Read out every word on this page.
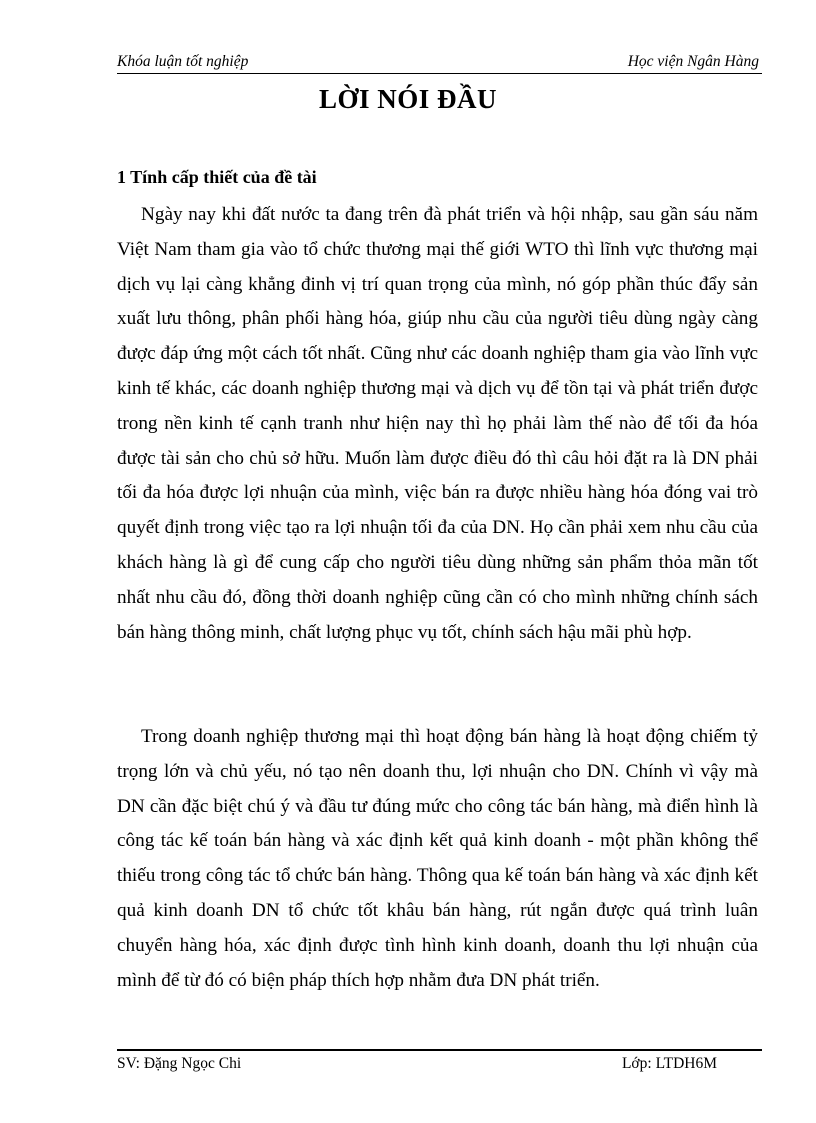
Khóa luận tốt nghiệp	Học viện Ngân Hàng
LỜI NÓI ĐẦU
1 Tính cấp thiết của đề tài

Ngày nay khi đất nước ta đang trên đà phát triển và hội nhập, sau gần sáu năm Việt Nam tham gia vào tổ chức thương mại thế giới WTO thì lĩnh vực thương mại dịch vụ lại càng khẳng đinh vị trí quan trọng của mình, nó góp phần thúc đẩy sản xuất lưu thông, phân phối hàng hóa, giúp nhu cầu của người tiêu dùng ngày càng được đáp ứng một cách tốt nhất. Cũng như các doanh nghiệp tham gia vào lĩnh vực kinh tế khác, các doanh nghiệp thương mại và dịch vụ để tồn tại và phát triển được trong nền kinh tế cạnh tranh như hiện nay thì họ phải làm thế nào để tối đa hóa được tài sản cho chủ sở hữu. Muốn làm được điều đó thì câu hỏi đặt ra là DN phải tối đa hóa được lợi nhuận của mình, việc bán ra được nhiều hàng hóa đóng vai trò quyết định trong việc tạo ra lợi nhuận tối đa của DN. Họ cần phải xem nhu cầu của khách hàng là gì để cung cấp cho người tiêu dùng những sản phẩm thỏa mãn tốt nhất nhu cầu đó, đồng thời doanh nghiệp cũng cần có cho mình những chính sách bán hàng thông minh, chất lượng phục vụ tốt, chính sách hậu mãi phù hợp.

Trong doanh nghiệp thương mại thì hoạt động bán hàng là hoạt động chiếm tỷ trọng lớn và chủ yếu, nó tạo nên doanh thu, lợi nhuận cho DN. Chính vì vậy mà DN cần đặc biệt chú ý và đầu tư đúng mức cho công tác bán hàng, mà điển hình là công tác kế toán bán hàng và xác định kết quả kinh doanh - một phần không thể thiếu trong công tác tổ chức bán hàng. Thông qua kế toán bán hàng và xác định kết quả kinh doanh DN tổ chức tốt khâu bán hàng, rút ngắn được quá trình luân chuyển hàng hóa, xác định được tình hình kinh doanh, doanh thu lợi nhuận của mình để từ đó có biện pháp thích hợp nhằm đưa DN phát triển.

SV: Đặng Ngọc Chi	Lớp: LTDH6M
